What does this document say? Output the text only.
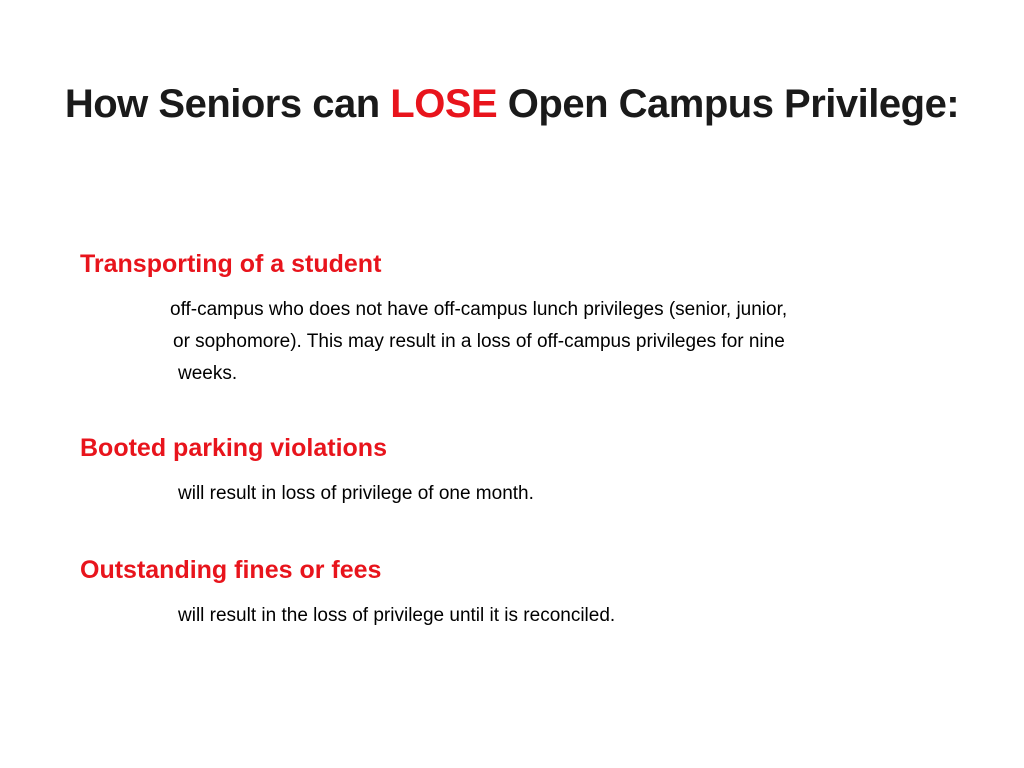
How Seniors can LOSE Open Campus Privilege:
Transporting of a student
off-campus who does not have off-campus lunch privileges (senior, junior,
or sophomore). This may result in a loss of off-campus privileges for nine
weeks.
Booted parking violations
will result in loss of privilege of one month.
Outstanding fines or fees
will result in the loss of privilege until it is reconciled.
